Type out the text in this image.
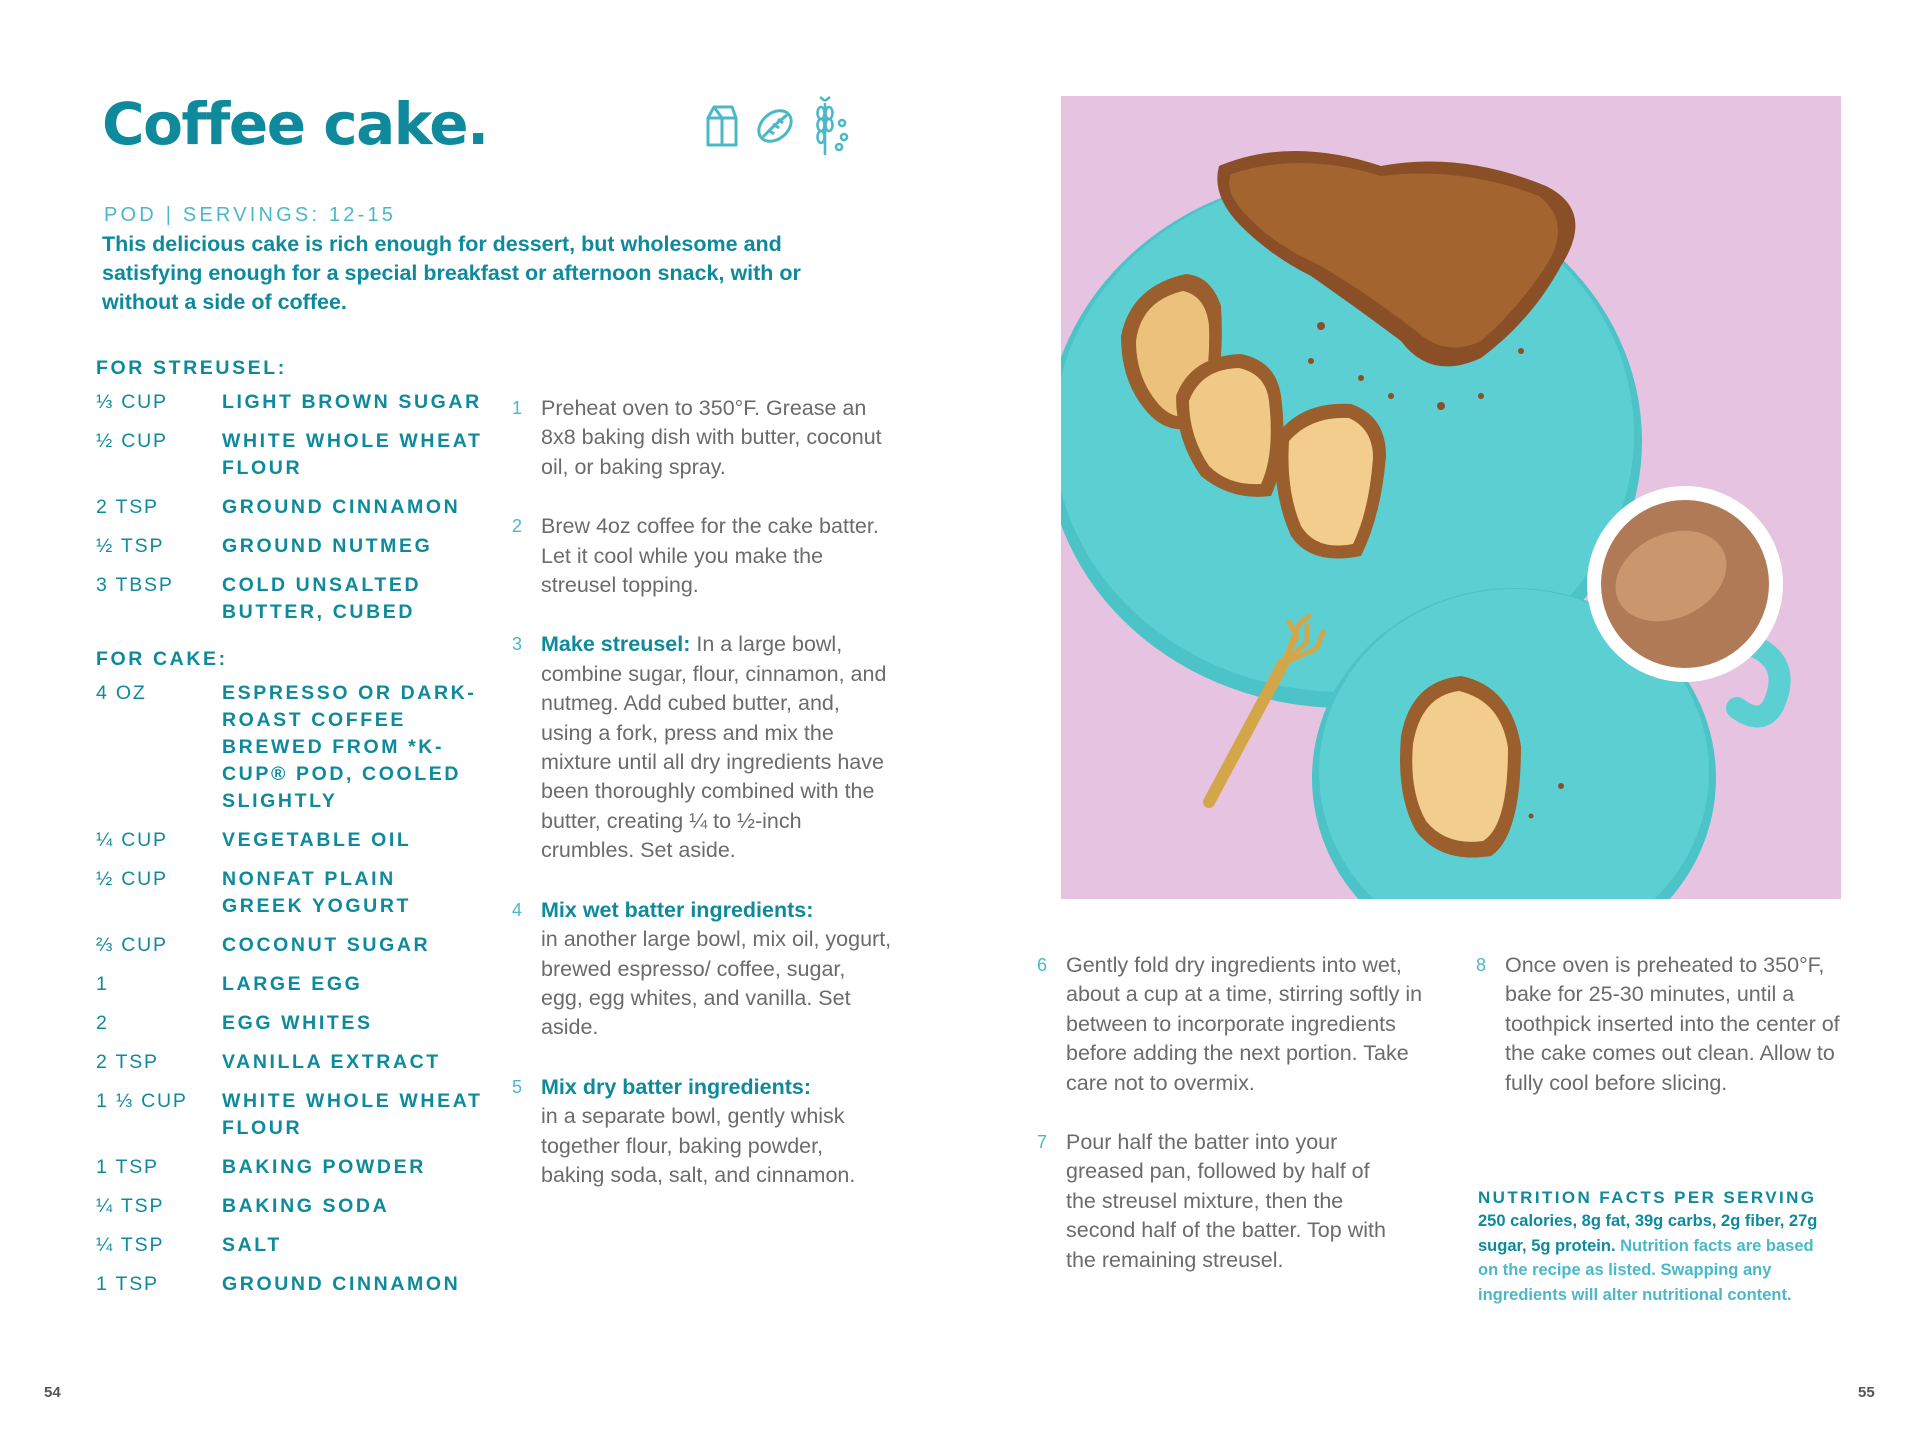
Coffee cake.
POD | SERVINGS: 12-15

This delicious cake is rich enough for dessert, but wholesome and satisfying enough for a special breakfast or afternoon snack, with or without a side of coffee.

FOR STREUSEL:
⅓ CUP	LIGHT BROWN SUGAR
½ CUP	WHITE WHOLE WHEAT FLOUR
2 TSP	GROUND CINNAMON
½ TSP	GROUND NUTMEG
3 TBSP	COLD UNSALTED BUTTER, CUBED
FOR CAKE:
4 OZ	ESPRESSO OR DARK-ROAST COFFEE BREWED FROM *K-CUP® POD, COOLED SLIGHTLY
¼ CUP	VEGETABLE OIL
½ CUP	NONFAT PLAIN GREEK YOGURT
⅔ CUP	COCONUT SUGAR
1	LARGE EGG
2	EGG WHITES
2 TSP	VANILLA EXTRACT
1 ⅓ CUP	WHITE WHOLE WHEAT FLOUR
1 TSP	BAKING POWDER
¼ TSP	BAKING SODA
¼ TSP	SALT
1 TSP	GROUND CINNAMON
1 Preheat oven to 350°F. Grease an 8x8 baking dish with butter, coconut oil, or baking spray.
2 Brew 4oz coffee for the cake batter. Let it cool while you make the streusel topping.
3 Make streusel: In a large bowl, combine sugar, flour, cinnamon, and nutmeg. Add cubed butter, and, using a fork, press and mix the mixture until all dry ingredients have been thoroughly combined with the butter, creating ¼ to ½-inch crumbles. Set aside.
4 Mix wet batter ingredients:
in another large bowl, mix oil, yogurt, brewed espresso/ coffee, sugar, egg, egg whites, and vanilla. Set aside.
5 Mix dry batter ingredients:
in a separate bowl, gently whisk together flour, baking powder, baking soda, salt, and cinnamon.
6 Gently fold dry ingredients into wet, about a cup at a time, stirring softly in between to incorporate ingredients before adding the next portion. Take care not to overmix.
7 Pour half the batter into your greased pan, followed by half of the streusel mixture, then the second half of the batter. Top with the remaining streusel.
8 Once oven is preheated to 350°F, bake for 25-30 minutes, until a toothpick inserted into the center of the cake comes out clean. Allow to fully cool before slicing.
NUTRITION FACTS PER SERVING
250 calories, 8g fat, 39g carbs, 2g fiber, 27g sugar, 5g protein. Nutrition facts are based on the recipe as listed. Swapping any ingredients will alter nutritional content.
54	55
